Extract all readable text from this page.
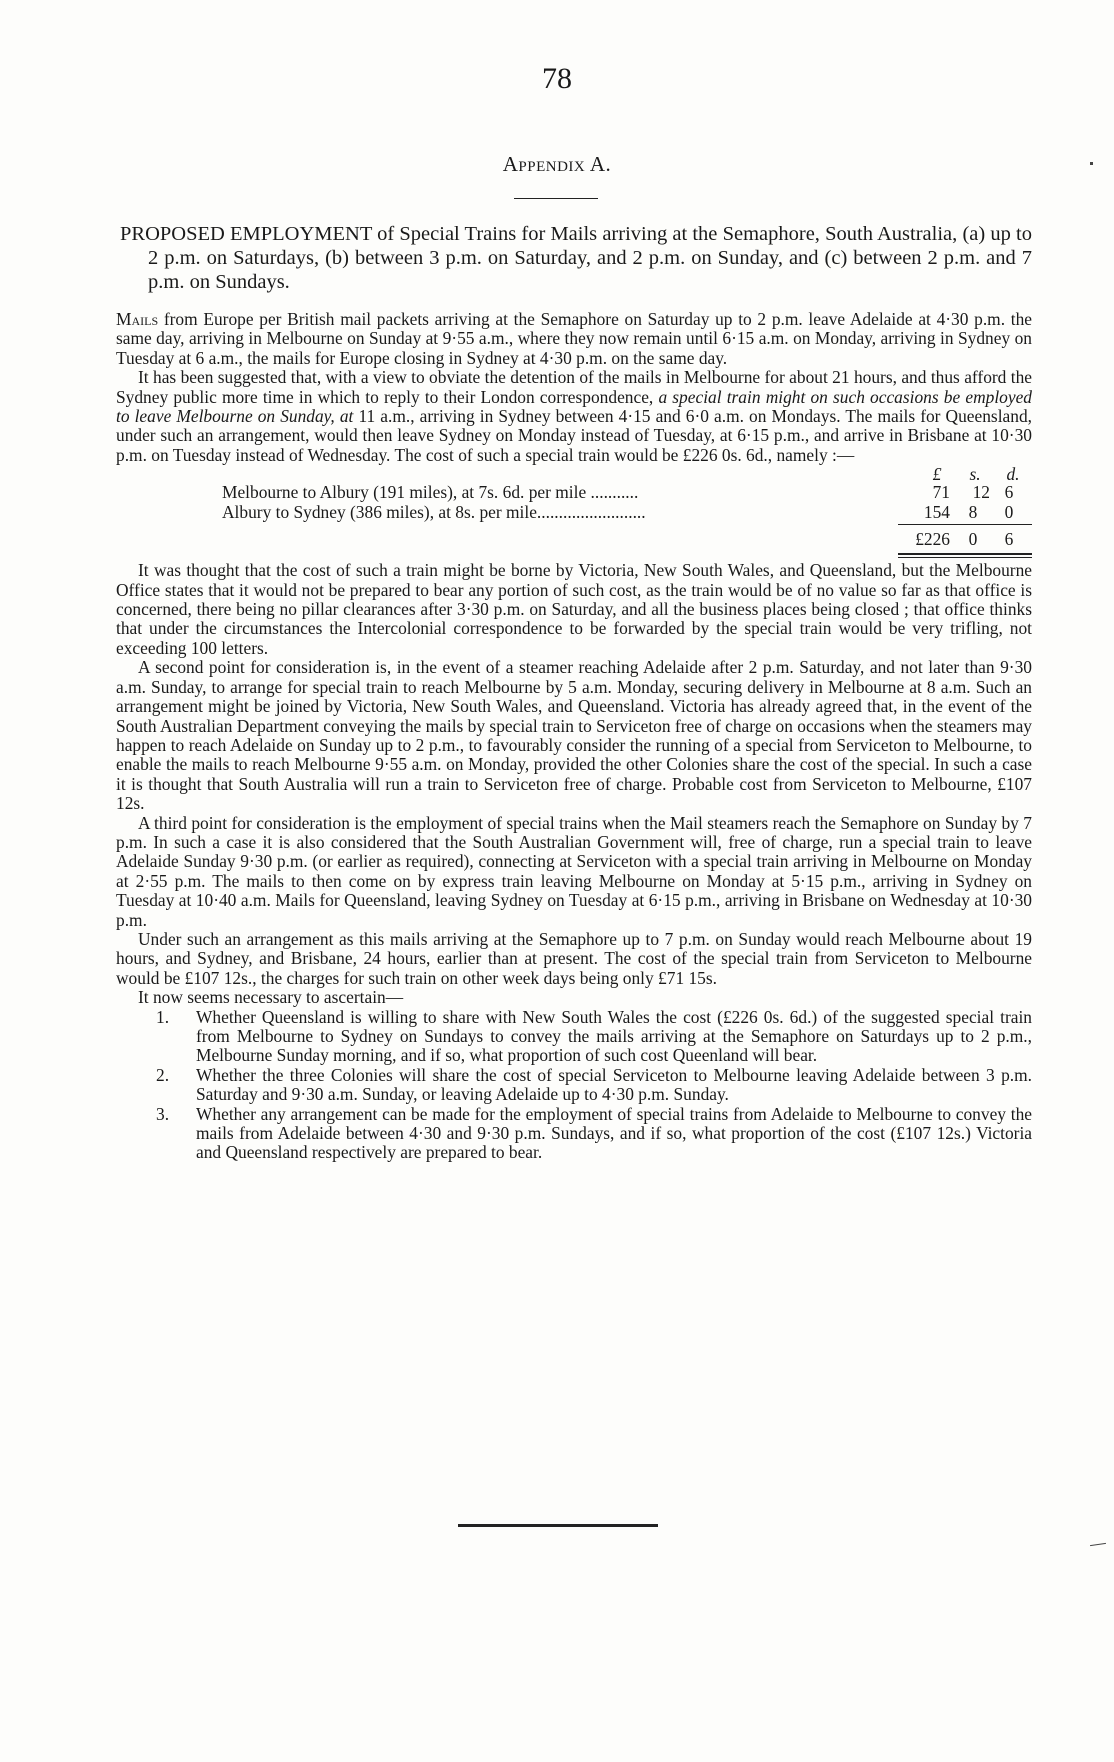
78
Appendix A.

PROPOSED EMPLOYMENT of Special Trains for Mails arriving at the Semaphore, South Australia, (a) up to 2 p.m. on Saturdays, (b) between 3 p.m. on Saturday, and 2 p.m. on Sunday, and (c) between 2 p.m. and 7 p.m. on Sundays.

Mails from Europe per British mail packets arriving at the Semaphore on Saturday up to 2 p.m. leave Adelaide at 4·30 p.m. the same day, arriving in Melbourne on Sunday at 9·55 a.m., where they now remain until 6·15 a.m. on Monday, arriving in Sydney on Tuesday at 6 a.m., the mails for Europe closing in Sydney at 4·30 p.m. on the same day.

It has been suggested that, with a view to obviate the detention of the mails in Melbourne for about 21 hours, and thus afford the Sydney public more time in which to reply to their London correspondence, a special train might on such occasions be employed to leave Melbourne on Sunday, at 11 a.m., arriving in Sydney between 4·15 and 6·0 a.m. on Mondays. The mails for Queensland, under such an arrangement, would then leave Sydney on Monday instead of Tuesday, at 6·15 p.m., and arrive in Brisbane at 10·30 p.m. on Tuesday instead of Wednesday. The cost of such a special train would be £226 0s. 6d., namely :—

£	s.	d.
Melbourne to Albury (191 miles), at 7s. 6d. per mile ...........	71	12 6
Albury to Sydney (386 miles), at 8s. per mile.........................	154	8	0
£226	0	6

It was thought that the cost of such a train might be borne by Victoria, New South Wales, and Queensland, but the Melbourne Office states that it would not be prepared to bear any portion of such cost, as the train would be of no value so far as that office is concerned, there being no pillar clearances after 3·30 p.m. on Saturday, and all the business places being closed ; that office thinks that under the circumstances the Intercolonial correspondence to be forwarded by the special train would be very trifling, not exceeding 100 letters.

A second point for consideration is, in the event of a steamer reaching Adelaide after 2 p.m. Saturday, and not later than 9·30 a.m. Sunday, to arrange for special train to reach Melbourne by 5 a.m. Monday, securing delivery in Melbourne at 8 a.m. Such an arrangement might be joined by Victoria, New South Wales, and Queensland. Victoria has already agreed that, in the event of the South Australian Department conveying the mails by special train to Serviceton free of charge on occasions when the steamers may happen to reach Adelaide on Sunday up to 2 p.m., to favourably consider the running of a special from Serviceton to Melbourne, to enable the mails to reach Melbourne 9·55 a.m. on Monday, provided the other Colonies share the cost of the special. In such a case it is thought that South Australia will run a train to Serviceton free of charge. Probable cost from Serviceton to Melbourne, £107 12s.

A third point for consideration is the employment of special trains when the Mail steamers reach the Semaphore on Sunday by 7 p.m. In such a case it is also considered that the South Australian Government will, free of charge, run a special train to leave Adelaide Sunday 9·30 p.m. (or earlier as required), connecting at Serviceton with a special train arriving in Melbourne on Monday at 2·55 p.m. The mails to then come on by express train leaving Melbourne on Monday at 5·15 p.m., arriving in Sydney on Tuesday at 10·40 a.m. Mails for Queensland, leaving Sydney on Tuesday at 6·15 p.m., arriving in Brisbane on Wednesday at 10·30 p.m.

Under such an arrangement as this mails arriving at the Semaphore up to 7 p.m. on Sunday would reach Melbourne about 19 hours, and Sydney, and Brisbane, 24 hours, earlier than at present. The cost of the special train from Serviceton to Melbourne would be £107 12s., the charges for such train on other week days being only £71 15s.

It now seems necessary to ascertain—

1. Whether Queensland is willing to share with New South Wales the cost (£226 0s. 6d.) of the suggested special train from Melbourne to Sydney on Sundays to convey the mails arriving at the Semaphore on Saturdays up to 2 p.m., Melbourne Sunday morning, and if so, what proportion of such cost Queenland will bear.
2. Whether the three Colonies will share the cost of special Serviceton to Melbourne leaving Adelaide between 3 p.m. Saturday and 9·30 a.m. Sunday, or leaving Adelaide up to 4·30 p.m. Sunday.
3. Whether any arrangement can be made for the employment of special trains from Adelaide to Melbourne to convey the mails from Adelaide between 4·30 and 9·30 p.m. Sundays, and if so, what proportion of the cost (£107 12s.) Victoria and Queensland respectively are prepared to bear.
